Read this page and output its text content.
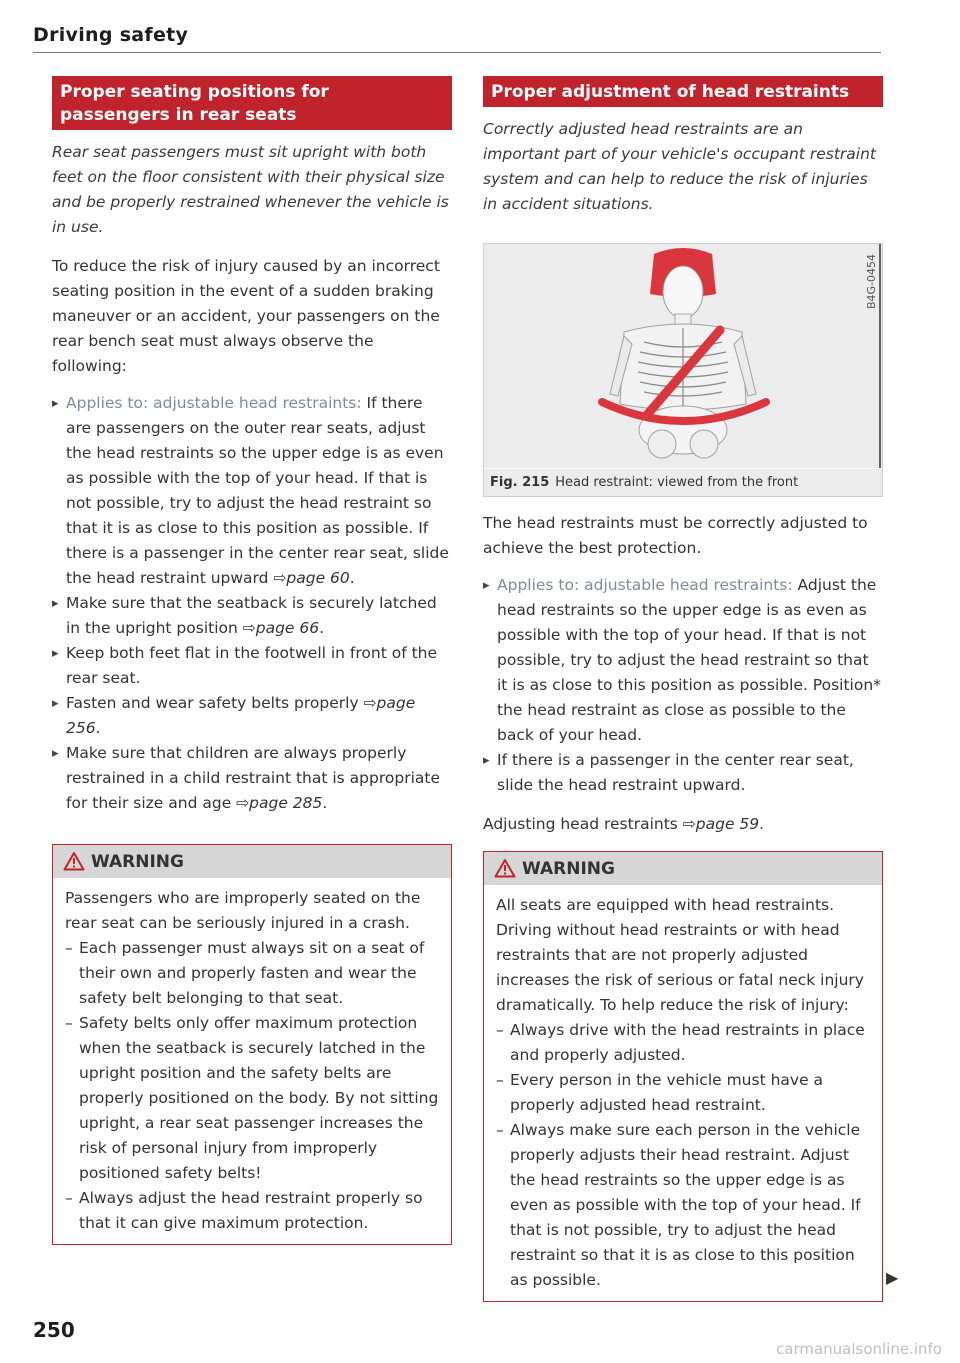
Driving safety
Proper seating positions for passengers in rear seats

Rear seat passengers must sit upright with both feet on the floor consistent with their physical size and be properly restrained whenever the vehicle is in use.

To reduce the risk of injury caused by an incorrect seating position in the event of a sudden braking maneuver or an accident, your passengers on the rear bench seat must always observe the following:

▸ Applies to: adjustable head restraints: If there are passengers on the outer rear seats, adjust the head restraints so the upper edge is as even as possible with the top of your head. If that is not possible, try to adjust the head restraint so that it is as close to this position as possible. If there is a passenger in the center rear seat, slide the head restraint upward ⇨page 60.
▸ Make sure that the seatback is securely latched in the upright position ⇨page 66.
▸ Keep both feet flat in the footwell in front of the rear seat.
▸ Fasten and wear safety belts properly ⇨page 256.
▸ Make sure that children are always properly restrained in a child restraint that is appropriate for their size and age ⇨page 285.
WARNING

Passengers who are improperly seated on the rear seat can be seriously injured in a crash.

– Each passenger must always sit on a seat of their own and properly fasten and wear the safety belt belonging to that seat.
– Safety belts only offer maximum protection when the seatback is securely latched in the upright position and the safety belts are properly positioned on the body. By not sitting upright, a rear seat passenger increases the risk of personal injury from improperly positioned safety belts!
– Always adjust the head restraint properly so that it can give maximum protection.
Proper adjustment of head restraints

Correctly adjusted head restraints are an important part of your vehicle's occupant restraint system and can help to reduce the risk of injuries in accident situations.

B4G-0454
Fig. 215 Head restraint: viewed from the front

The head restraints must be correctly adjusted to achieve the best protection.

▸ Applies to: adjustable head restraints: Adjust the head restraints so the upper edge is as even as possible with the top of your head. If that is not possible, try to adjust the head restraint so that it is as close to this position as possible. Position* the head restraint as close as possible to the back of your head.
▸ If there is a passenger in the center rear seat, slide the head restraint upward.

Adjusting head restraints ⇨page 59.

WARNING

All seats are equipped with head restraints. Driving without head restraints or with head restraints that are not properly adjusted increases the risk of serious or fatal neck injury dramatically. To help reduce the risk of injury:

– Always drive with the head restraints in place and properly adjusted.
– Every person in the vehicle must have a properly adjusted head restraint.
– Always make sure each person in the vehicle properly adjusts their head restraint. Adjust the head restraints so the upper edge is as even as possible with the top of your head. If that is not possible, try to adjust the head restraint so that it is as close to this position as possible.	▶
250
carmanualsonline.info
